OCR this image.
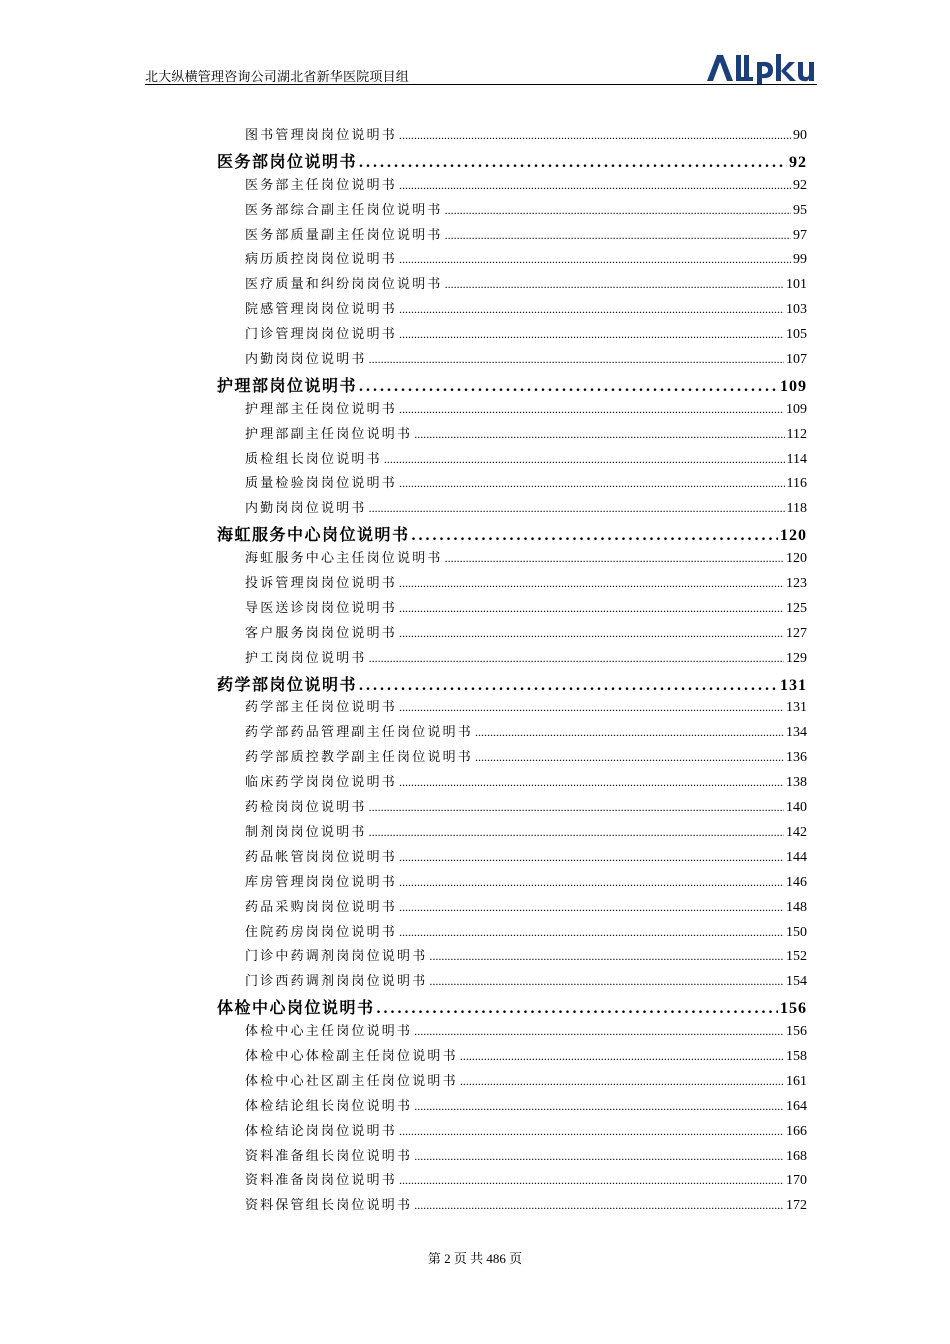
北大纵横管理咨询公司湖北省新华医院项目组
图书管理岗岗位说明书 .....	90
医务部岗位说明书 .....	92
医务部主任岗位说明书 .....	92
医务部综合副主任岗位说明书 .....	95
医务部质量副主任岗位说明书 .....	97
病历质控岗岗位说明书 .....	99
医疗质量和纠纷岗岗位说明书 .....	101
院感管理岗岗位说明书 .....	103
门诊管理岗岗位说明书 .....	105
内勤岗岗位说明书 .....	107
护理部岗位说明书 .....	109
护理部主任岗位说明书 .....	109
护理部副主任岗位说明书 .....	112
质检组长岗位说明书 .....	114
质量检验岗岗位说明书 .....	116
内勤岗岗位说明书 .....	118
海虹服务中心岗位说明书 .....	120
海虹服务中心主任岗位说明书 .....	120
投诉管理岗岗位说明书 .....	123
导医送诊岗岗位说明书 .....	125
客户服务岗岗位说明书 .....	127
护工岗岗位说明书 .....	129
药学部岗位说明书 .....	131
药学部主任岗位说明书 .....	131
药学部药品管理副主任岗位说明书 .....	134
药学部质控教学副主任岗位说明书 .....	136
临床药学岗岗位说明书 .....	138
药检岗岗位说明书 .....	140
制剂岗岗位说明书 .....	142
药品帐管岗岗位说明书 .....	144
库房管理岗岗位说明书 .....	146
药品采购岗岗位说明书 .....	148
住院药房岗岗位说明书 .....	150
门诊中药调剂岗岗位说明书 .....	152
门诊西药调剂岗岗位说明书 .....	154
体检中心岗位说明书 .....	156
体检中心主任岗位说明书 .....	156
体检中心体检副主任岗位说明书 .....	158
体检中心社区副主任岗位说明书 .....	161
体检结论组长岗位说明书 .....	164
体检结论岗岗位说明书 .....	166
资料准备组长岗位说明书 .....	168
资料准备岗岗位说明书 .....	170
资料保管组长岗位说明书 .....	172
第 2 页 共 486 页
